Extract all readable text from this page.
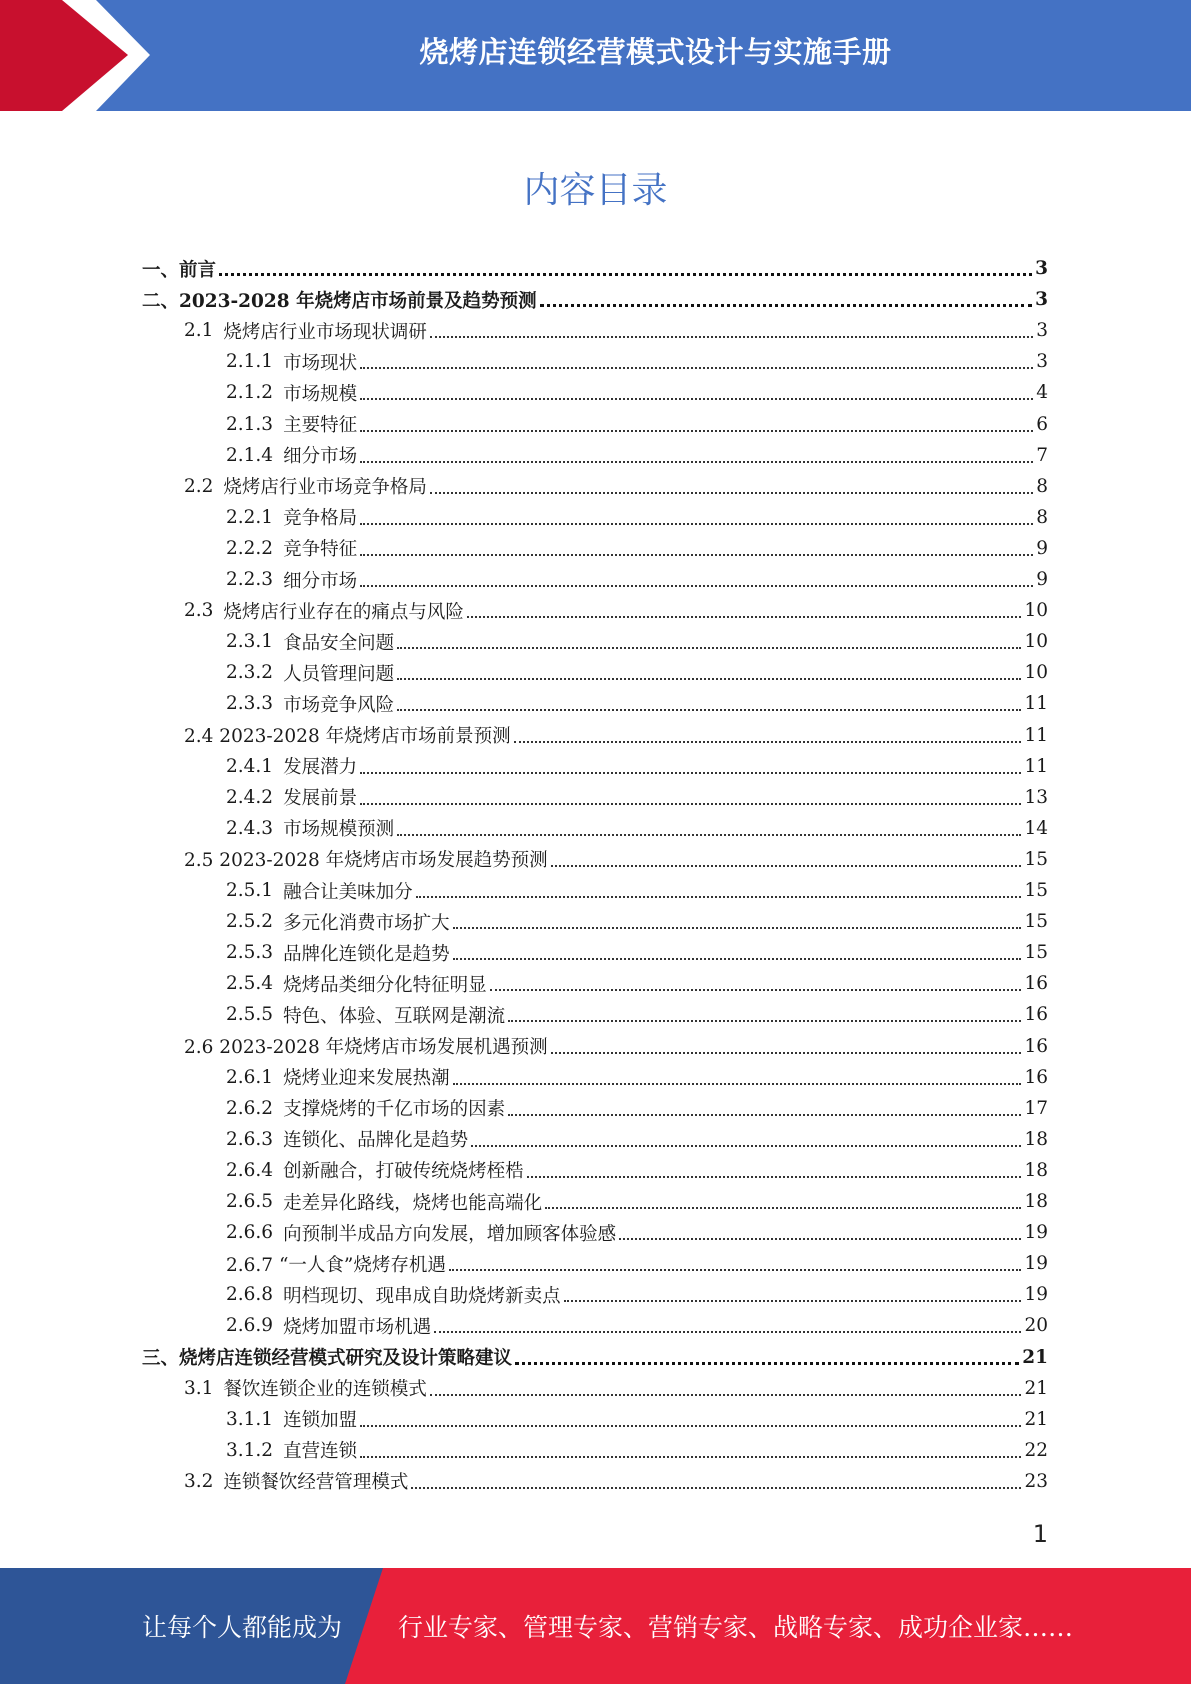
烧烤店连锁经营模式设计与实施手册
内容目录
一、前言	3
二、2023-2028 年烧烤店市场前景及趋势预测	3
2.1 烧烤店行业市场现状调研	3
2.1.1 市场现状	3
2.1.2 市场规模	4
2.1.3 主要特征	6
2.1.4 细分市场	7
2.2 烧烤店行业市场竞争格局	8
2.2.1 竞争格局	8
2.2.2 竞争特征	9
2.2.3 细分市场	9
2.3 烧烤店行业存在的痛点与风险	10
2.3.1 食品安全问题	10
2.3.2 人员管理问题	10
2.3.3 市场竞争风险	11
2.4 2023-2028 年烧烤店市场前景预测	11
2.4.1 发展潜力	11
2.4.2 发展前景	13
2.4.3 市场规模预测	14
2.5 2023-2028 年烧烤店市场发展趋势预测	15
2.5.1 融合让美味加分	15
2.5.2 多元化消费市场扩大	15
2.5.3 品牌化连锁化是趋势	15
2.5.4 烧烤品类细分化特征明显	16
2.5.5 特色、体验、互联网是潮流	16
2.6 2023-2028 年烧烤店市场发展机遇预测	16
2.6.1 烧烤业迎来发展热潮	16
2.6.2 支撑烧烤的千亿市场的因素	17
2.6.3 连锁化、品牌化是趋势	18
2.6.4 创新融合，打破传统烧烤桎梏	18
2.6.5 走差异化路线，烧烤也能高端化	18
2.6.6 向预制半成品方向发展，增加顾客体验感	19
2.6.7 “一人食”烧烤存机遇	19
2.6.8 明档现切、现串成自助烧烤新卖点	19
2.6.9 烧烤加盟市场机遇	20
三、烧烤店连锁经营模式研究及设计策略建议	21
3.1 餐饮连锁企业的连锁模式	21
3.1.1 连锁加盟	21
3.1.2 直营连锁	22
3.2 连锁餐饮经营管理模式	23
1
让每个人都能成为 行业专家、管理专家、营销专家、战略专家、成功企业家……
